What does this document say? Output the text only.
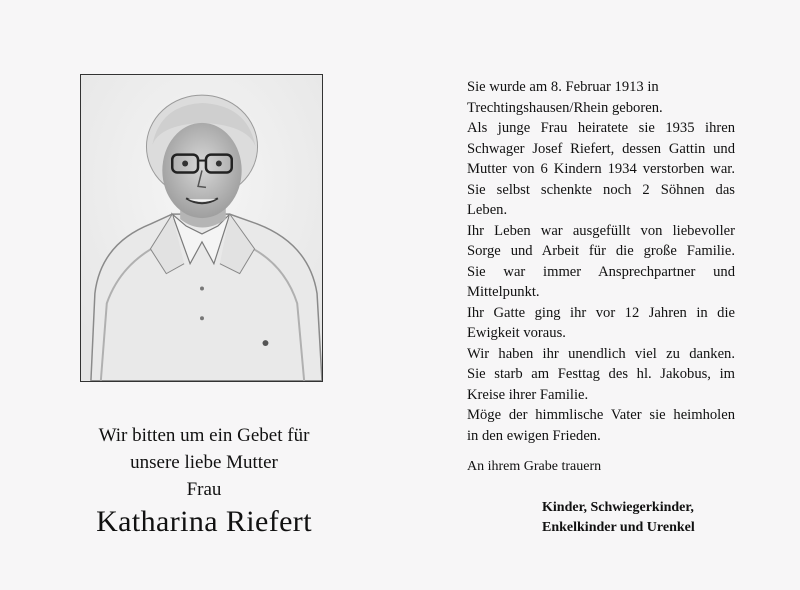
Wir bitten um ein Gebet für
unsere liebe Mutter
Frau
Katharina Riefert
Sie wurde am 8. Februar 1913 in
Trechtingshausen/Rhein geboren.
Als junge Frau heiratete sie 1935 ihren
Schwager Josef Riefert, dessen Gattin und
Mutter von 6 Kindern 1934 verstorben war.
Sie selbst schenkte noch 2 Söhnen das
Leben.
Ihr Leben war ausgefüllt von liebevoller
Sorge und Arbeit für die große Familie.
Sie war immer Ansprechpartner und
Mittelpunkt.
Ihr Gatte ging ihr vor 12 Jahren in die
Ewigkeit voraus.
Wir haben ihr unendlich viel zu danken.
Sie starb am Festtag des hl. Jakobus, im
Kreise ihrer Familie.
Möge der himmlische Vater sie heimholen
in den ewigen Frieden.
An ihrem Grabe trauern
Kinder, Schwiegerkinder,
Enkelkinder und Urenkel
